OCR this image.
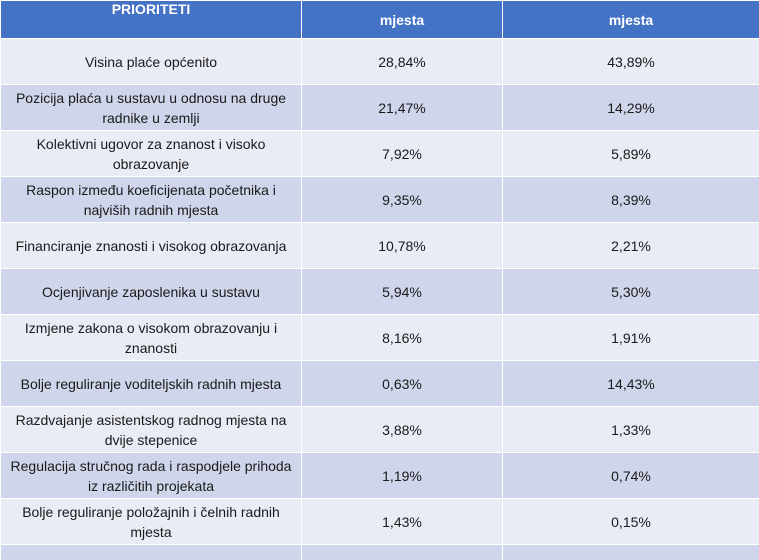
PRIORITETI	mjesta	mjesta
Visina plaće općenito	28,84%	43,89%
Pozicija plaća u sustavu u odnosu na druge radnike u zemlji	21,47%	14,29%
Kolektivni ugovor za znanost i visoko obrazovanje	7,92%	5,89%
Raspon između koeficijenata početnika i najviših radnih mjesta	9,35%	8,39%
Financiranje znanosti i visokog obrazovanja	10,78%	2,21%
Ocjenjivanje zaposlenika u sustavu	5,94%	5,30%
Izmjene zakona o visokom obrazovanju i znanosti	8,16%	1,91%
Bolje reguliranje voditeljskih radnih mjesta	0,63%	14,43%
Razdvajanje asistentskog radnog mjesta na dvije stepenice	3,88%	1,33%
Regulacija stručnog rada i raspodjele prihoda iz različitih projekata	1,19%	0,74%
Bolje reguliranje položajnih i čelnih radnih mjesta	1,43%	0,15%
